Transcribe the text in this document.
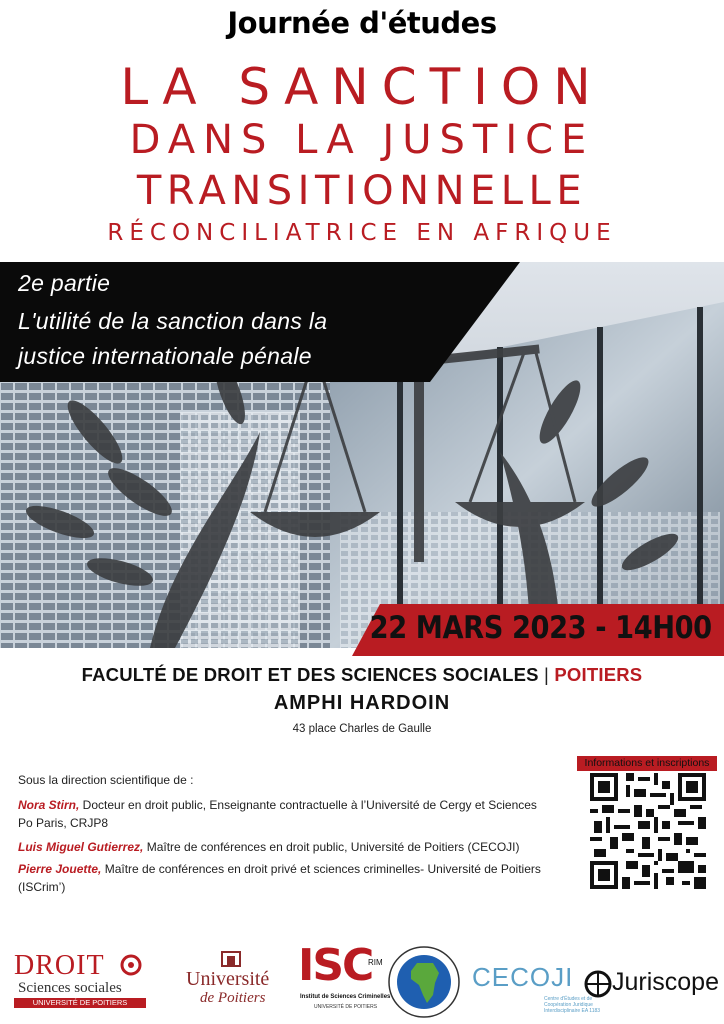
Journée d'études
LA SANCTION
DANS LA JUSTICE
TRANSITIONNELLE
RÉCONCILIATRICE EN AFRIQUE
2e partie
L'utilité de la sanction dans la
justice internationale pénale
22 MARS 2023 - 14H00
FACULTÉ DE DROIT ET DES SCIENCES SOCIALES | POITIERS
AMPHI HARDOIN
43 place Charles de Gaulle
Sous la direction scientifique de :
Nora Stirn, Docteur en droit public, Enseignante contractuelle à l’Université de Cergy et Sciences Po Paris, CRJP8
Luis Miguel Gutierrez, Maître de conférences en droit public, Université de Poitiers (CECOJI)
Pierre Jouette, Maître de conférences en droit privé et sciences criminelles- Université de Poitiers (ISCrim’)
Informations et inscriptions
DROIT
Sciences sociales
UNIVERSITÉ DE POITIERS
Université
de Poitiers
ISC
RIM
Institut de Sciences Criminelles
UNIVERSITÉ DE POITIERS
CECOJI
Centre d'Études et de Coopération Juridique Interdisciplinaire EA 1183
Juriscope
